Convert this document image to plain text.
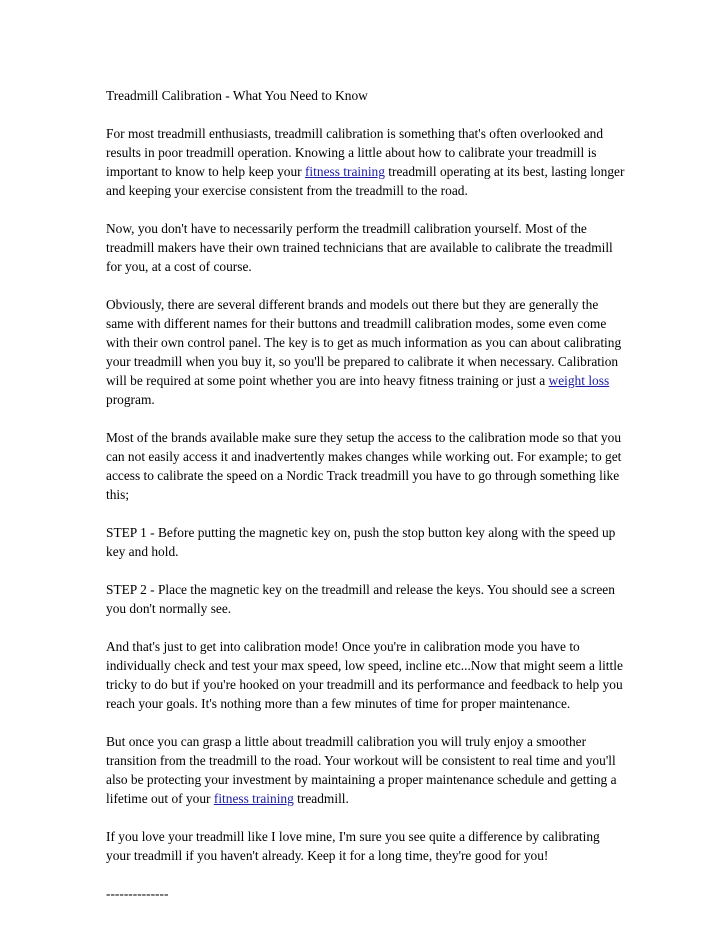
Treadmill Calibration - What You Need to Know

For most treadmill enthusiasts, treadmill calibration is something that's often overlooked and results in poor treadmill operation. Knowing a little about how to calibrate your treadmill is important to know to help keep your fitness training treadmill operating at its best, lasting longer and keeping your exercise consistent from the treadmill to the road.

Now, you don't have to necessarily perform the treadmill calibration yourself. Most of the treadmill makers have their own trained technicians that are available to calibrate the treadmill for you, at a cost of course.

Obviously, there are several different brands and models out there but they are generally the same with different names for their buttons and treadmill calibration modes, some even come with their own control panel. The key is to get as much information as you can about calibrating your treadmill when you buy it, so you'll be prepared to calibrate it when necessary. Calibration will be required at some point whether you are into heavy fitness training or just a weight loss program.

Most of the brands available make sure they setup the access to the calibration mode so that you can not easily access it and inadvertently makes changes while working out. For example; to get access to calibrate the speed on a Nordic Track treadmill you have to go through something like this;

STEP 1 - Before putting the magnetic key on, push the stop button key along with the speed up key and hold.

STEP 2 - Place the magnetic key on the treadmill and release the keys. You should see a screen you don't normally see.

And that's just to get into calibration mode! Once you're in calibration mode you have to individually check and test your max speed, low speed, incline etc...Now that might seem a little tricky to do but if you're hooked on your treadmill and its performance and feedback to help you reach your goals. It's nothing more than a few minutes of time for proper maintenance.

But once you can grasp a little about treadmill calibration you will truly enjoy a smoother transition from the treadmill to the road. Your workout will be consistent to real time and you'll also be protecting your investment by maintaining a proper maintenance schedule and getting a lifetime out of your fitness training treadmill.

If you love your treadmill like I love mine, I'm sure you see quite a difference by calibrating your treadmill if you haven't already. Keep it for a long time, they're good for you!

--------------
